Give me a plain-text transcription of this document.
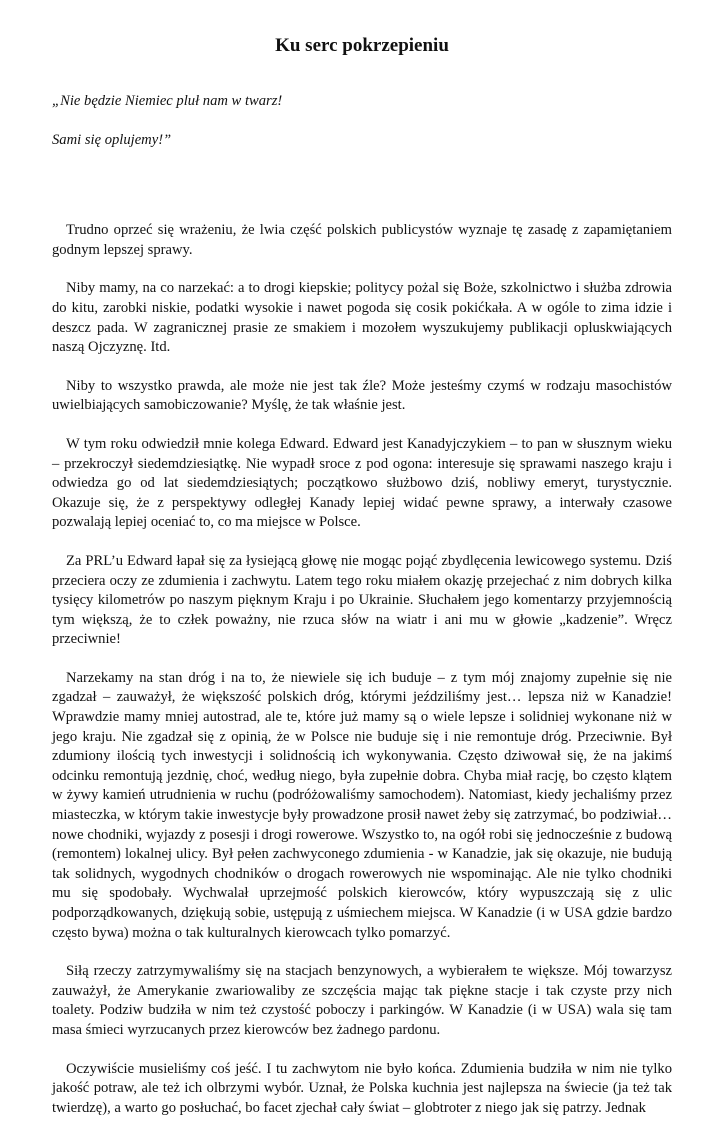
Ku serc pokrzepieniu

„Nie będzie Niemiec pluł nam w twarz!

Sami się oplujemy!”

Trudno oprzeć się wrażeniu, że lwia część polskich publicystów wyznaje tę zasadę z zapamiętaniem godnym lepszej sprawy.

Niby mamy, na co narzekać: a to drogi kiepskie; politycy pożal się Boże, szkolnictwo i służba zdrowia do kitu, zarobki niskie, podatki wysokie i nawet pogoda się cosik pokićkała. A w ogóle to zima idzie i deszcz pada. W zagranicznej prasie ze smakiem i mozołem wyszukujemy publikacji opluskwiających naszą Ojczyznę. Itd.

Niby to wszystko prawda, ale może nie jest tak źle? Może jesteśmy czymś w rodzaju masochistów uwielbiających samobiczowanie? Myślę, że tak właśnie jest.

W tym roku odwiedził mnie kolega Edward. Edward jest Kanadyjczykiem – to pan w słusznym wieku – przekroczył siedemdziesiątkę. Nie wypadł sroce z pod ogona: interesuje się sprawami naszego kraju i odwiedza go od lat siedemdziesiątych; początkowo służbowo dziś, nobliwy emeryt, turystycznie. Okazuje się, że z perspektywy odległej Kanady lepiej widać pewne sprawy, a interwały czasowe pozwalają lepiej oceniać to, co ma miejsce w Polsce.

Za PRL’u Edward łapał się za łysiejącą głowę nie mogąc pojąć zbydlęcenia lewicowego systemu. Dziś przeciera oczy ze zdumienia i zachwytu. Latem tego roku miałem okazję przejechać z nim dobrych kilka tysięcy kilometrów po naszym pięknym Kraju i po Ukrainie. Słuchałem jego komentarzy przyjemnością tym większą, że to człek poważny, nie rzuca słów na wiatr i ani mu w głowie „kadzenie”. Wręcz przeciwnie!

Narzekamy na stan dróg i na to, że niewiele się ich buduje – z tym mój znajomy zupełnie się nie zgadzał – zauważył, że większość polskich dróg, którymi jeździliśmy jest… lepsza niż w Kanadzie! Wprawdzie mamy mniej autostrad, ale te, które już mamy są o wiele lepsze i solidniej wykonane niż w jego kraju. Nie zgadzał się z opinią, że w Polsce nie buduje się i nie remontuje dróg. Przeciwnie. Był zdumiony ilością tych inwestycji i solidnością ich wykonywania. Często dziwował się, że na jakimś odcinku remontują jezdnię, choć, według niego, była zupełnie dobra. Chyba miał rację, bo często klątem w żywy kamień utrudnienia w ruchu (podróżowaliśmy samochodem). Natomiast, kiedy jechaliśmy przez miasteczka, w którym takie inwestycje były prowadzone prosił nawet żeby się zatrzymać, bo podziwiał… nowe chodniki, wyjazdy z posesji i drogi rowerowe. Wszystko to, na ogół robi się jednocześnie z budową (remontem) lokalnej ulicy. Był pełen zachwyconego zdumienia - w Kanadzie, jak się okazuje, nie budują tak solidnych, wygodnych chodników o drogach rowerowych nie wspominając. Ale nie tylko chodniki mu się spodobały. Wychwalał uprzejmość polskich kierowców, który wypuszczają się z ulic podporządkowanych, dziękują sobie, ustępują z uśmiechem miejsca. W Kanadzie (i w USA gdzie bardzo często bywa) można o tak kulturalnych kierowcach tylko pomarzyć.

Siłą rzeczy zatrzymywaliśmy się na stacjach benzynowych, a wybierałem te większe. Mój towarzysz zauważył, że Amerykanie zwariowaliby ze szczęścia mając tak piękne stacje i tak czyste przy nich toalety. Podziw budziła w nim też czystość poboczy i parkingów. W Kanadzie (i w USA) wala się tam masa śmieci wyrzucanych przez kierowców bez żadnego pardonu.

Oczywiście musieliśmy coś jeść. I tu zachwytom nie było końca. Zdumienia budziła w nim nie tylko jakość potraw, ale też ich olbrzymi wybór. Uznał, że Polska kuchnia jest najlepsza na świecie (ja też tak twierdzę), a warto go posłuchać, bo facet zjechał cały świat – globtroter z niego jak się patrzy. Jednak
